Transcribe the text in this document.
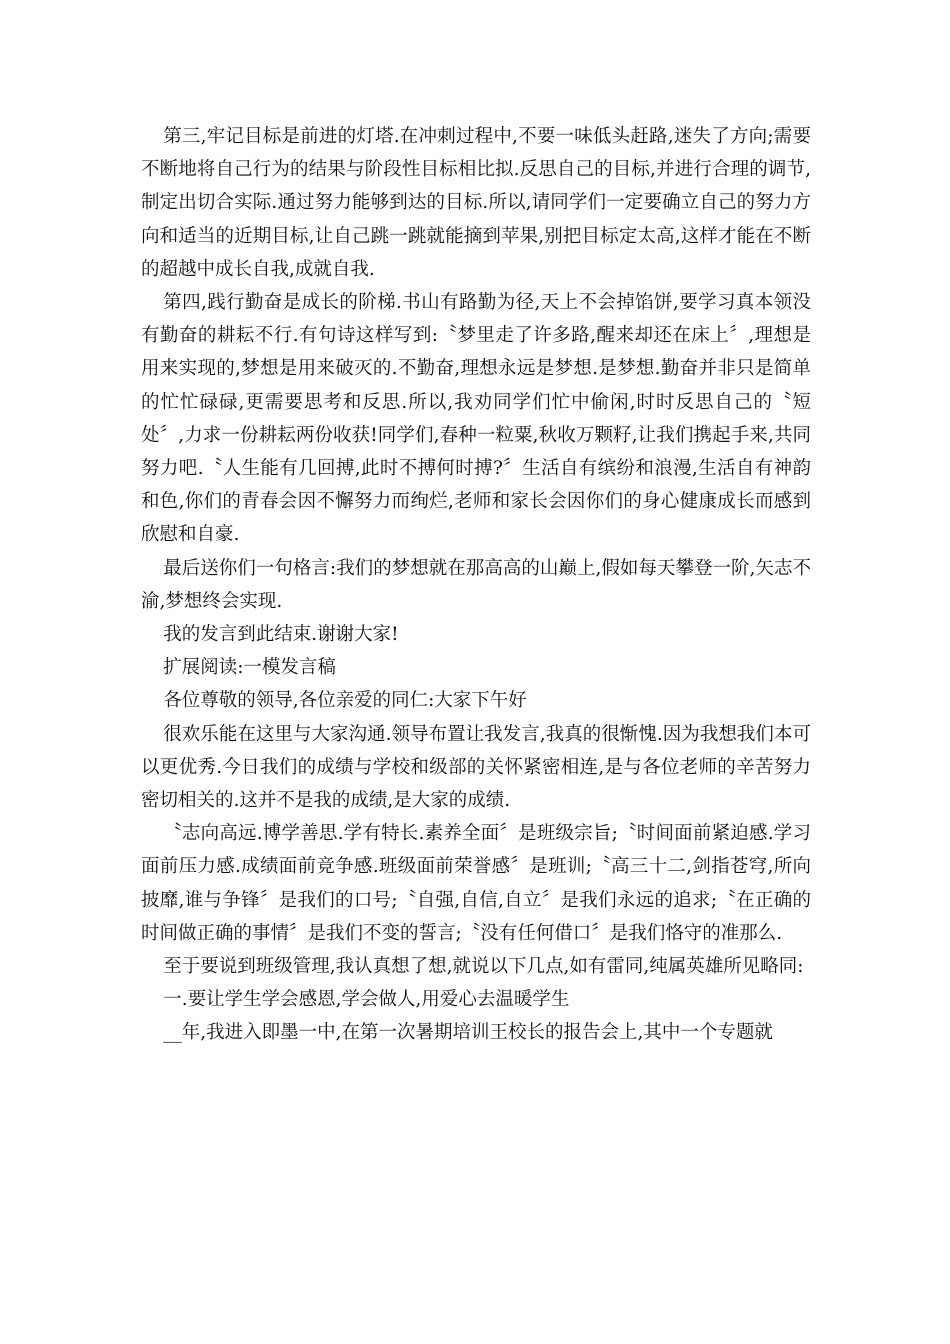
第三,牢记目标是前进的灯塔.在冲刺过程中,不要一味低头赶路,迷失了方向;需要不断地将自己行为的结果与阶段性目标相比拟.反思自己的目标,并进行合理的调节,制定出切合实际.通过努力能够到达的目标.所以,请同学们一定要确立自己的努力方向和适当的近期目标,让自己跳一跳就能摘到苹果,别把目标定太高,这样才能在不断的超越中成长自我,成就自我.

第四,践行勤奋是成长的阶梯.书山有路勤为径,天上不会掉馅饼,要学习真本领没有勤奋的耕耘不行.有句诗这样写到:〝梦里走了许多路,醒来却还在床上〞,理想是用来实现的,梦想是用来破灭的.不勤奋,理想永远是梦想.是梦想.勤奋并非只是简单的忙忙碌碌,更需要思考和反思.所以,我劝同学们忙中偷闲,时时反思自己的〝短处〞,力求一份耕耘两份收获!同学们,春种一粒粟,秋收万颗籽,让我们携起手来,共同努力吧.〝人生能有几回搏,此时不搏何时搏?〞生活自有缤纷和浪漫,生活自有神韵和色,你们的青春会因不懈努力而绚烂,老师和家长会因你们的身心健康成长而感到欣慰和自豪.

最后送你们一句格言:我们的梦想就在那高高的山巅上,假如每天攀登一阶,矢志不渝,梦想终会实现.

我的发言到此结束.谢谢大家!

扩展阅读:一模发言稿

各位尊敬的领导,各位亲爱的同仁:大家下午好

很欢乐能在这里与大家沟通.领导布置让我发言,我真的很惭愧.因为我想我们本可以更优秀.今日我们的成绩与学校和级部的关怀紧密相连,是与各位老师的辛苦努力密切相关的.这并不是我的成绩,是大家的成绩.

〝志向高远.博学善思.学有特长.素养全面〞是班级宗旨;〝时间面前紧迫感.学习面前压力感.成绩面前竞争感.班级面前荣誉感〞是班训;〝高三十二,剑指苍穹,所向披靡,谁与争锋〞是我们的口号;〝自强,自信,自立〞是我们永远的追求;〝在正确的时间做正确的事情〞是我们不变的誓言;〝没有任何借口〞是我们恪守的准那么.

至于要说到班级管理,我认真想了想,就说以下几点,如有雷同,纯属英雄所见略同:

一.要让学生学会感恩,学会做人,用爱心去温暖学生

__年,我进入即墨一中,在第一次暑期培训王校长的报告会上,其中一个专题就
